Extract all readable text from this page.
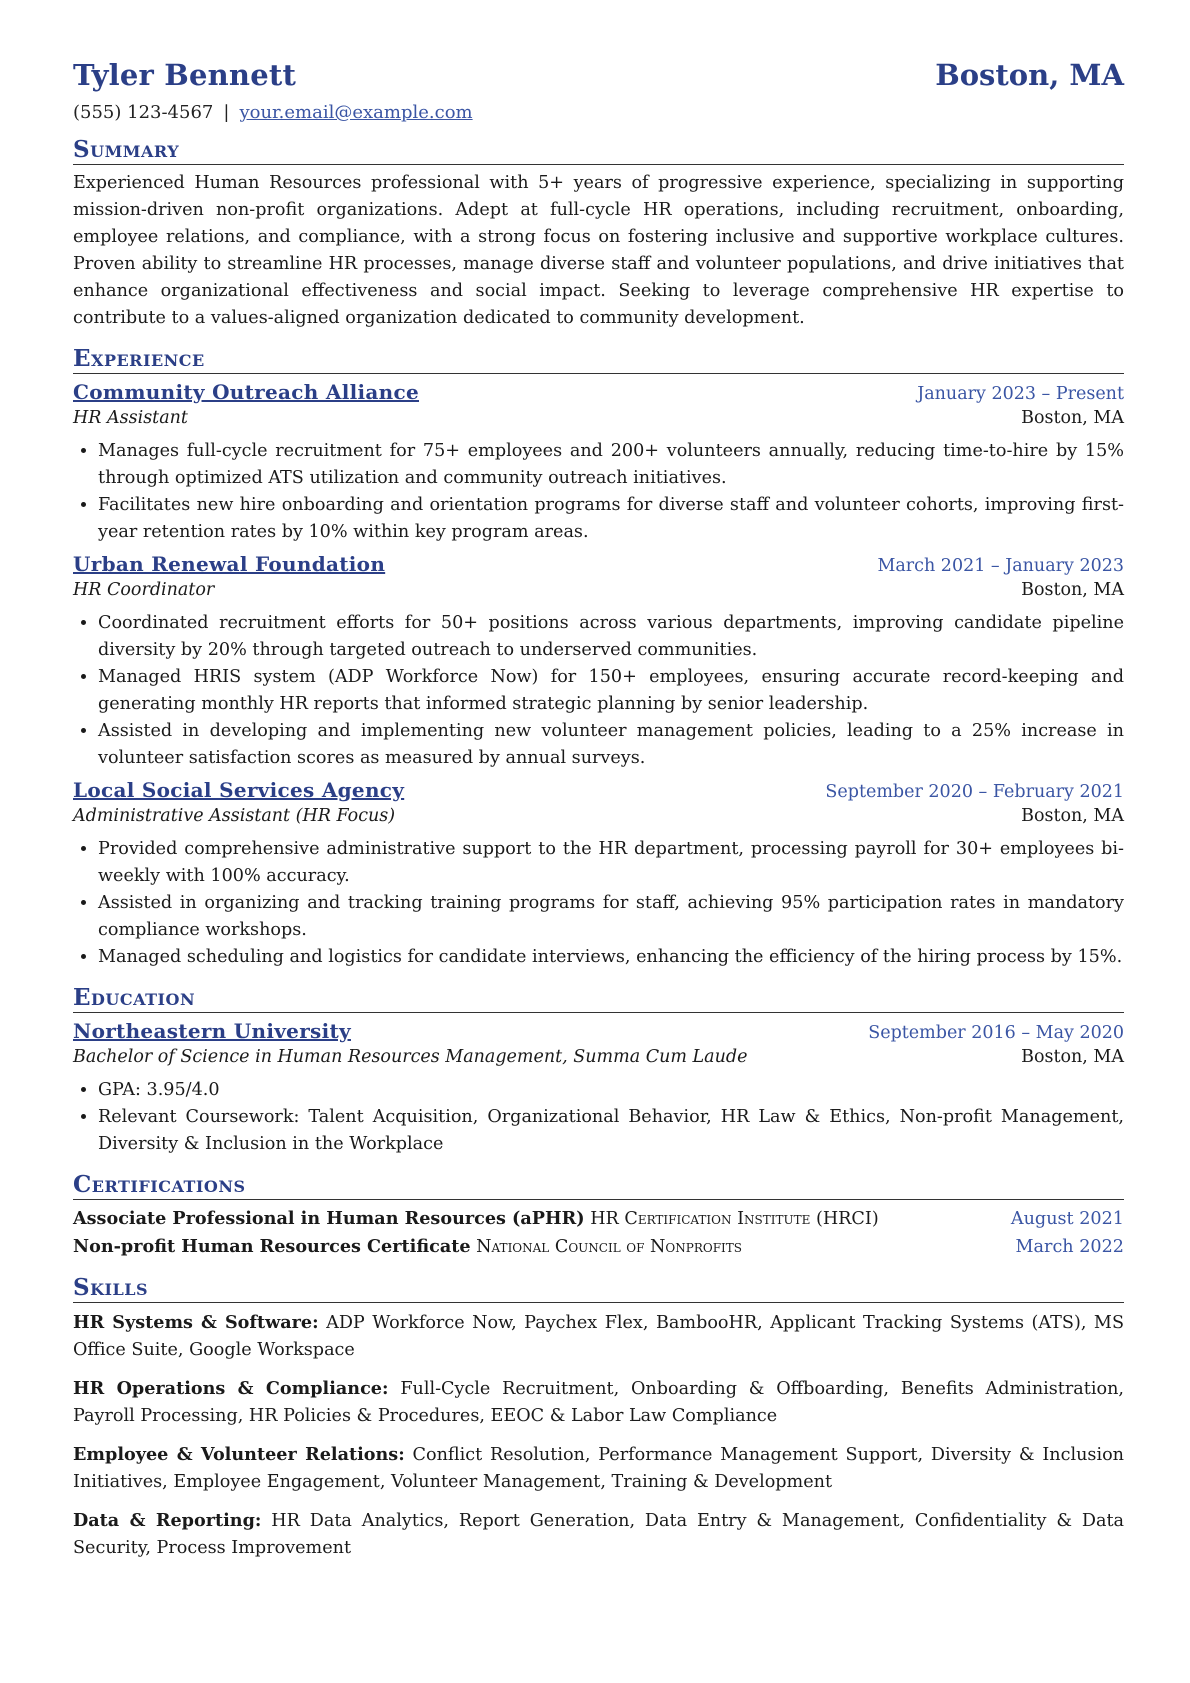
Tyler Bennett	Boston, MA
(555) 123-4567 | your.email@example.com
Summary
Experienced Human Resources professional with 5+ years of progressive experience, specializing in supporting mission-driven non-profit organizations. Adept at full-cycle HR operations, including recruitment, onboarding, employee relations, and compliance, with a strong focus on fostering inclusive and supportive workplace cultures. Proven ability to streamline HR processes, manage diverse staff and volunteer populations, and drive initiatives that enhance organizational effectiveness and social impact. Seeking to leverage comprehensive HR expertise to contribute to a values-aligned organization dedicated to community development.
Experience
Community Outreach Alliance	January 2023 – Present
HR Assistant	Boston, MA
• Manages full-cycle recruitment for 75+ employees and 200+ volunteers annually, reducing time-to-hire by 15% through optimized ATS utilization and community outreach initiatives.
• Facilitates new hire onboarding and orientation programs for diverse staff and volunteer cohorts, improving first-year retention rates by 10% within key program areas.
Urban Renewal Foundation	March 2021 – January 2023
HR Coordinator	Boston, MA
• Coordinated recruitment efforts for 50+ positions across various departments, improving candidate pipeline diversity by 20% through targeted outreach to underserved communities.
• Managed HRIS system (ADP Workforce Now) for 150+ employees, ensuring accurate record-keeping and generating monthly HR reports that informed strategic planning by senior leadership.
• Assisted in developing and implementing new volunteer management policies, leading to a 25% increase in volunteer satisfaction scores as measured by annual surveys.
Local Social Services Agency	September 2020 – February 2021
Administrative Assistant (HR Focus)	Boston, MA
• Provided comprehensive administrative support to the HR department, processing payroll for 30+ employees bi-weekly with 100% accuracy.
• Assisted in organizing and tracking training programs for staff, achieving 95% participation rates in mandatory compliance workshops.
• Managed scheduling and logistics for candidate interviews, enhancing the efficiency of the hiring process by 15%.
Education
Northeastern University	September 2016 – May 2020
Bachelor of Science in Human Resources Management, Summa Cum Laude	Boston, MA
• GPA: 3.95/4.0
• Relevant Coursework: Talent Acquisition, Organizational Behavior, HR Law & Ethics, Non-profit Management, Diversity & Inclusion in the Workplace
Certifications
Associate Professional in Human Resources (aPHR) HR Certification Institute (HRCI)	August 2021
Non-profit Human Resources Certificate National Council of Nonprofits	March 2022
Skills
HR Systems & Software: ADP Workforce Now, Paychex Flex, BambooHR, Applicant Tracking Systems (ATS), MS Office Suite, Google Workspace
HR Operations & Compliance: Full-Cycle Recruitment, Onboarding & Offboarding, Benefits Administration, Payroll Processing, HR Policies & Procedures, EEOC & Labor Law Compliance
Employee & Volunteer Relations: Conflict Resolution, Performance Management Support, Diversity & Inclusion Initiatives, Employee Engagement, Volunteer Management, Training & Development
Data & Reporting: HR Data Analytics, Report Generation, Data Entry & Management, Confidentiality & Data Security, Process Improvement
